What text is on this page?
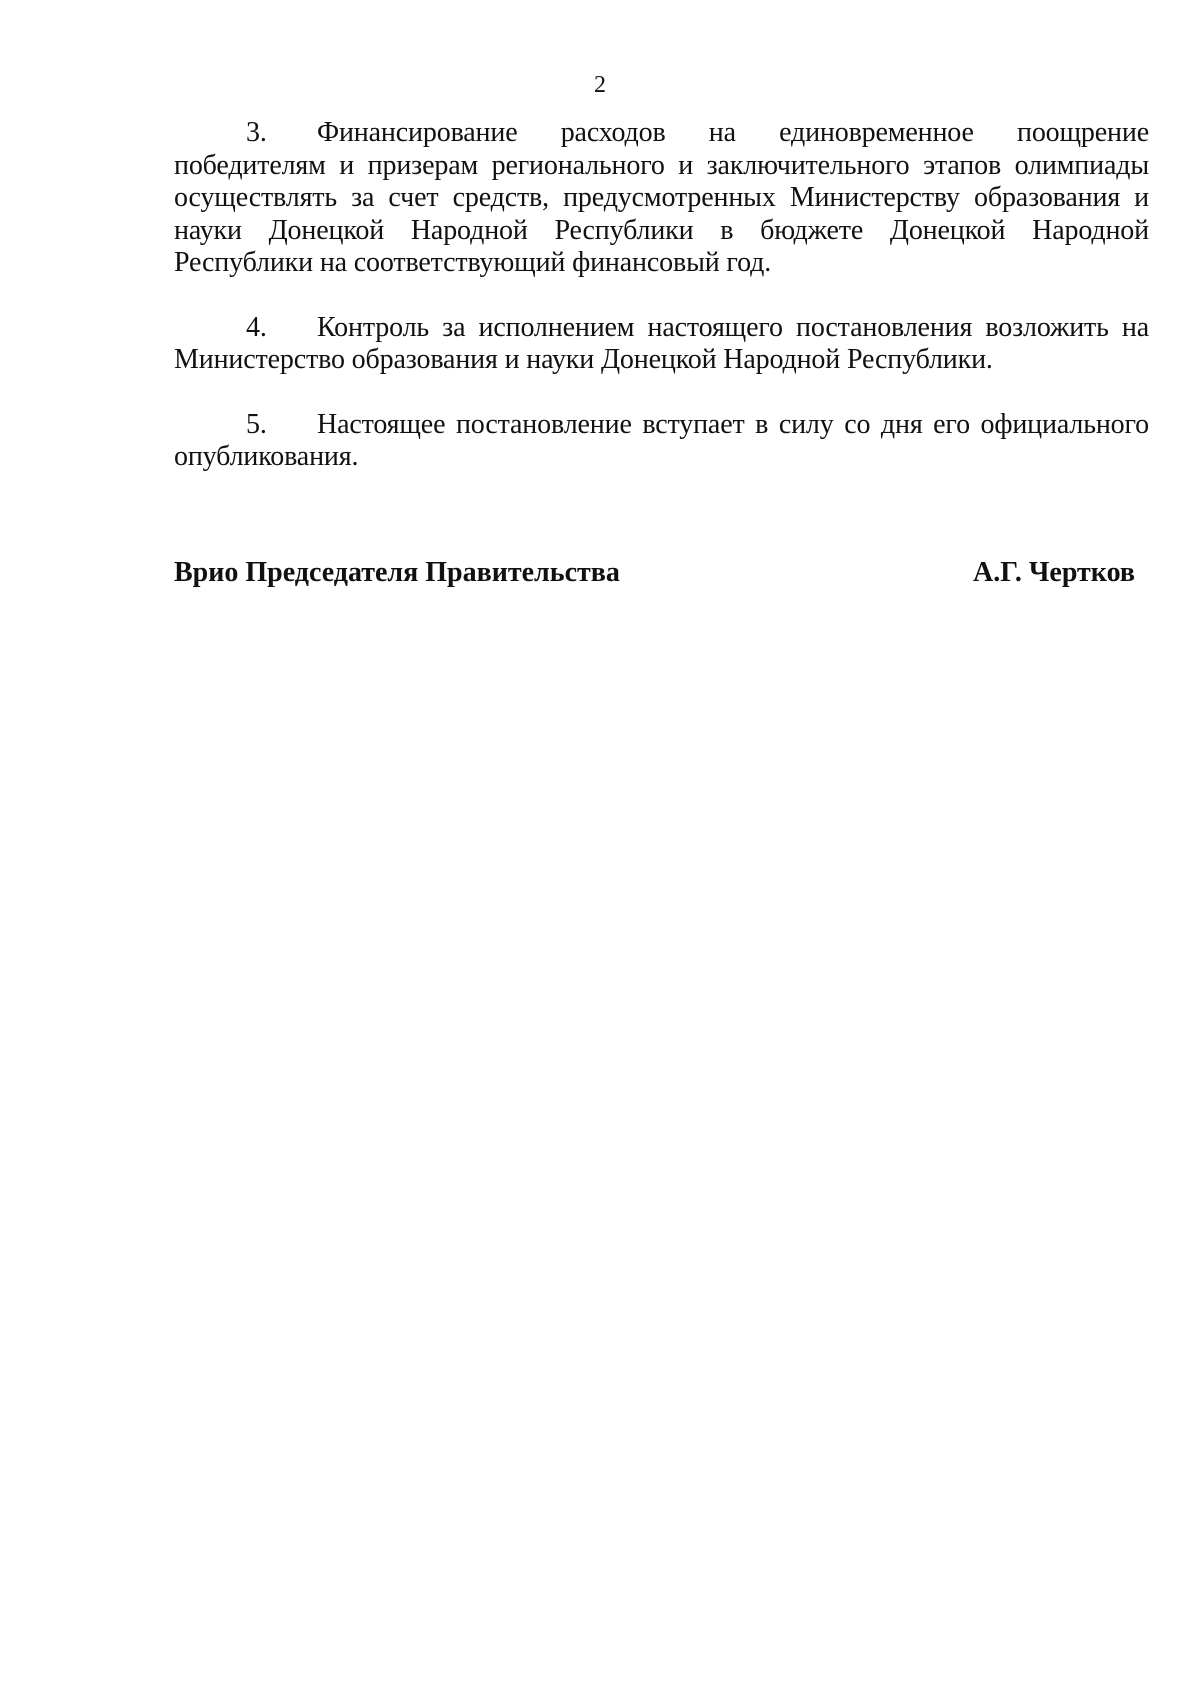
2

3. Финансирование расходов на единовременное поощрение победителям и призерам регионального и заключительного этапов олимпиады осуществлять за счет средств, предусмотренных Министерству образования и науки Донецкой Народной Республики в бюджете Донецкой Народной Республики на соответствующий финансовый год.

4. Контроль за исполнением настоящего постановления возложить на Министерство образования и науки Донецкой Народной Республики.

5. Настоящее постановление вступает в силу со дня его официального опубликования.

Врио Председателя Правительства	А.Г. Чертков
